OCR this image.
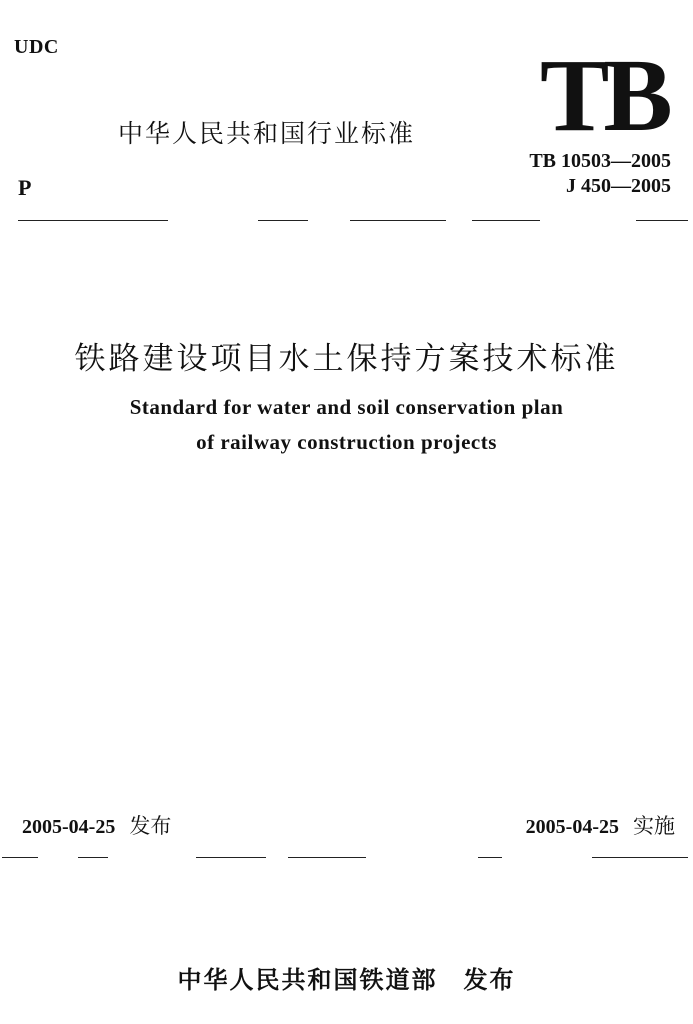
UDC	TB
中华人民共和国行业标准
P
TB 10503—2005
J 450—2005
铁路建设项目水土保持方案技术标准
Standard for water and soil conservation plan
of railway construction projects
2005-04-25 发布	2005-04-25 实施
中华人民共和国铁道部 发布
